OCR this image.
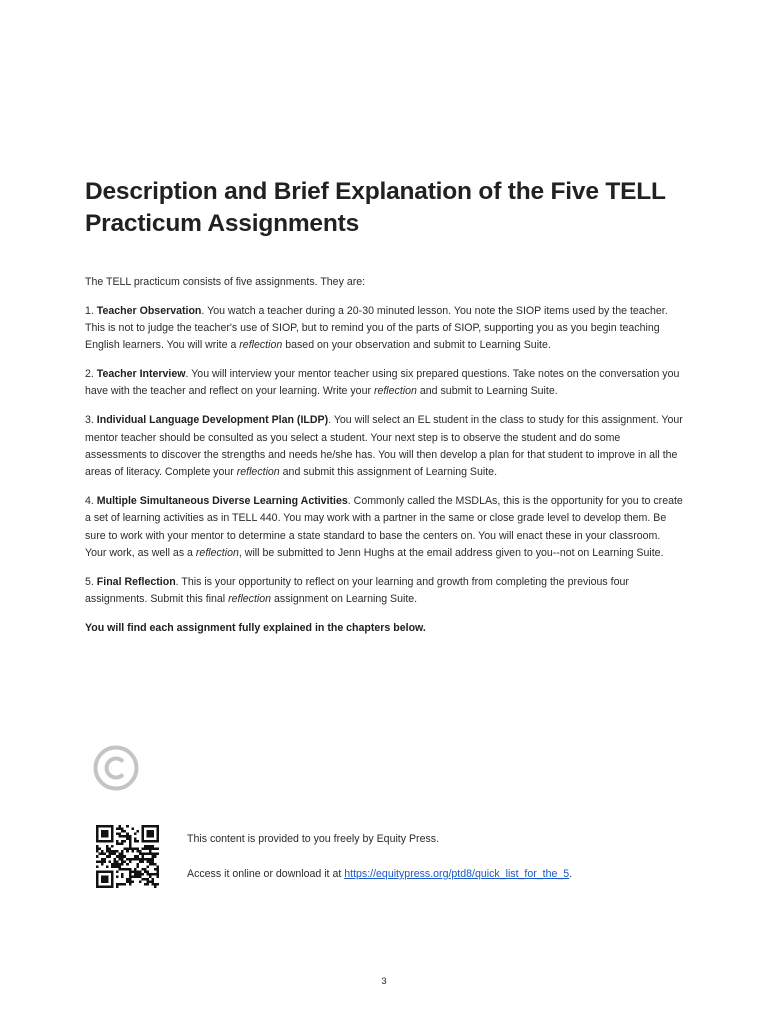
Description and Brief Explanation of the Five TELL Practicum Assignments

The TELL practicum consists of five assignments. They are:

1. Teacher Observation. You watch a teacher during a 20-30 minuted lesson. You note the SIOP items used by the teacher. This is not to judge the teacher's use of SIOP, but to remind you of the parts of SIOP, supporting you as you begin teaching English learners. You will write a reflection based on your observation and submit to Learning Suite.

2. Teacher Interview. You will interview your mentor teacher using six prepared questions. Take notes on the conversation you have with the teacher and reflect on your learning. Write your reflection and submit to Learning Suite.

3. Individual Language Development Plan (ILDP). You will select an EL student in the class to study for this assignment. Your mentor teacher should be consulted as you select a student. Your next step is to observe the student and do some assessments to discover the strengths and needs he/she has. You will then develop a plan for that student to improve in all the areas of literacy. Complete your reflection and submit this assignment of Learning Suite.

4. Multiple Simultaneous Diverse Learning Activities. Commonly called the MSDLAs, this is the opportunity for you to create a set of learning activities as in TELL 440. You may work with a partner in the same or close grade level to develop them. Be sure to work with your mentor to determine a state standard to base the centers on. You will enact these in your classroom. Your work, as well as a reflection, will be submitted to Jenn Hughs at the email address given to you--not on Learning Suite.

5. Final Reflection. This is your opportunity to reflect on your learning and growth from completing the previous four assignments. Submit this final reflection assignment on Learning Suite.

You will find each assignment fully explained in the chapters below.

This content is provided to you freely by Equity Press.
Access it online or download it at https://equitypress.org/ptd8/quick_list_for_the_5.
3
